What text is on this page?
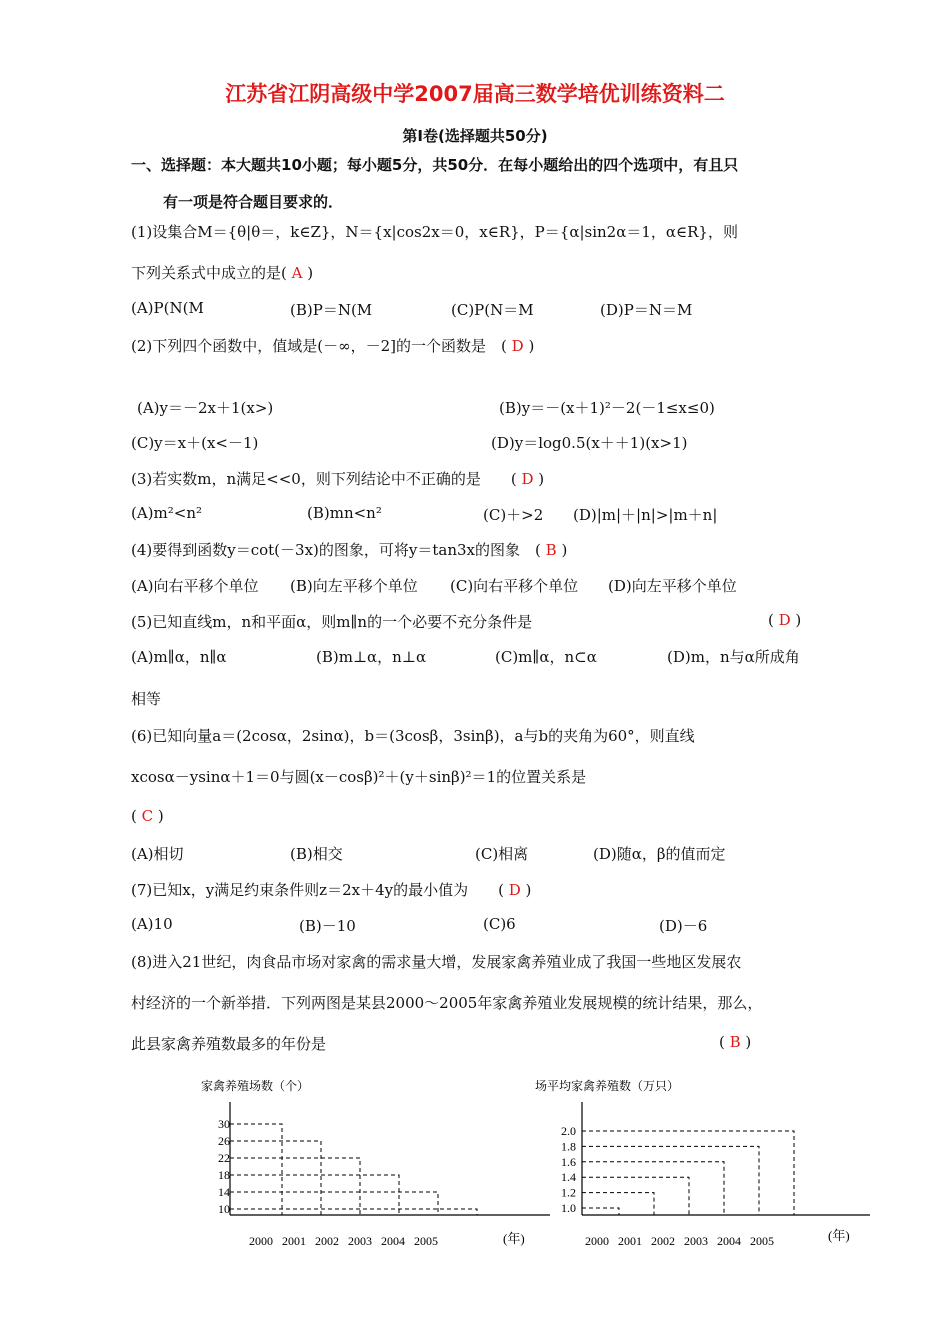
江苏省江阴高级中学2007届高三数学培优训练资料二
第Ⅰ卷(选择题共50分)
一、选择题：本大题共10小题；每小题5分，共50分．在每小题给出的四个选项中，有且只
有一项是符合题目要求的．
(1)设集合M＝{θ|θ＝，k∈Z}，N＝{x|cos2x＝0，x∈R}，P＝{α|sin2α＝1，α∈R}，则
下列关系式中成立的是( A )
(A)P(N(M	(B)P＝N(M	(C)P(N＝M	(D)P＝N＝M
(2)下列四个函数中，值域是(－∞，－2]的一个函数是　( D )
(A)y＝－2x＋1(x>)	(B)y＝－(x＋1)²－2(－1≤x≤0)
(C)y＝x＋(x<－1)	(D)y＝log0.5(x＋＋1)(x>1)
(3)若实数m，n满足<<0，则下列结论中不正确的是　　( D )
(A)m²<n²	(B)mn<n²	(C)＋>2 (D)|m|＋|n|>|m＋n|
(4)要得到函数y＝cot(－3x)的图象，可将y＝tan3x的图象　( B )
(A)向右平移个单位 (B)向左平移个单位 (C)向右平移个单位 (D)向左平移个单位
(5)已知直线m，n和平面α，则m∥n的一个必要不充分条件是	( D )
(A)m∥α，n∥α	(B)m⊥α，n⊥α	(C)m∥α，n⊂α	(D)m，n与α所成角
相等
(6)已知向量a＝(2cosα，2sinα)，b＝(3cosβ，3sinβ)，a与b的夹角为60°，则直线
xcosα－ysinα＋1＝0与圆(x－cosβ)²＋(y＋sinβ)²＝1的位置关系是
( C )
(A)相切	(B)相交	(C)相离	(D)随α，β的值而定
(7)已知x，y满足约束条件则z＝2x＋4y的最小值为　　( D )
(A)10	(B)－10	(C)6	(D)－6
(8)进入21世纪，肉食品市场对家禽的需求量大增，发展家禽养殖业成了我国一些地区发展农
村经济的一个新举措．下列两图是某县2000～2005年家禽养殖业发展规模的统计结果，那么，
此县家禽养殖数最多的年份是	( B )
家禽养殖场数（个）
30
26
22
18
14
10
2000 2001 2002 2003 2004 2005	(年)
场平均家禽养殖数（万只）
2.0
1.8
1.6
1.4
1.2
1.0
2000 2001 2002 2003 2004 2005	(年)
